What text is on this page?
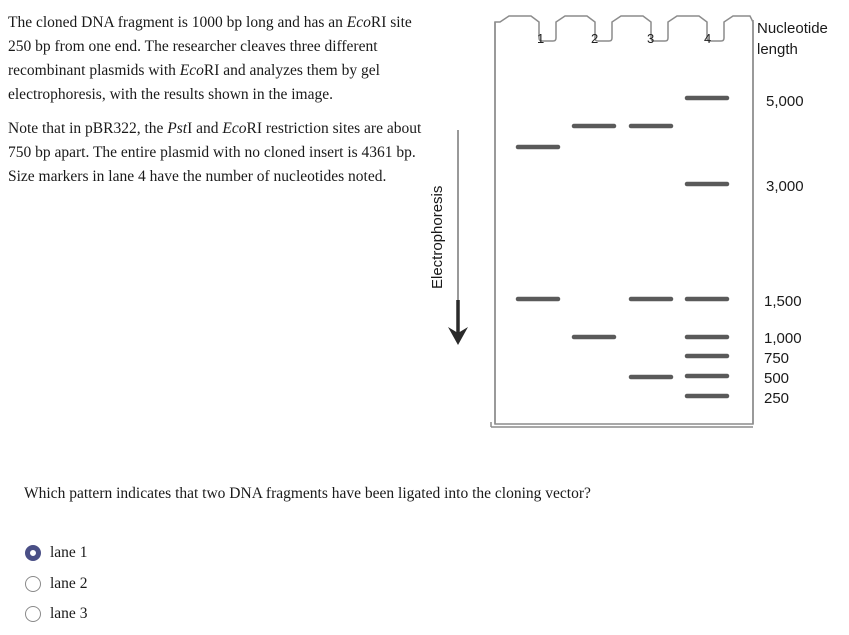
The cloned DNA fragment is 1000 bp long and has an EcoRI site 250 bp from one end. The researcher cleaves three different recombinant plasmids with EcoRI and analyzes them by gel electrophoresis, with the results shown in the image.

Note that in pBR322, the PstI and EcoRI restriction sites are about 750 bp apart. The entire plasmid with no cloned insert is 4361 bp. Size markers in lane 4 have the number of nucleotides noted.

1	2	3	4
Nucleotide
length
5,000
3,000
1,500
1,000
750
500
250
Electrophoresis

Which pattern indicates that two DNA fragments have been ligated into the cloning vector?

lane 1
lane 2
lane 3
